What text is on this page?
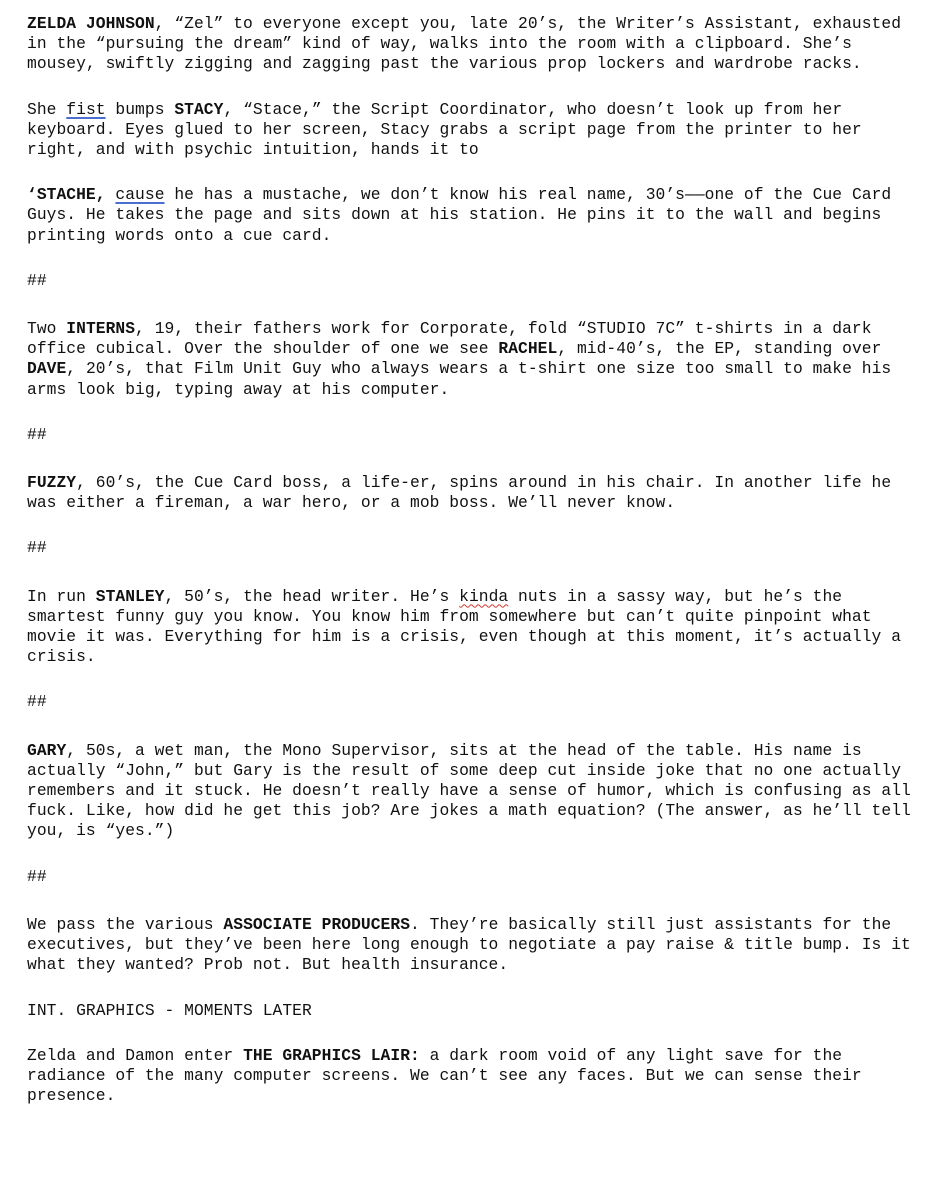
ZELDA JOHNSON, “Zel” to everyone except you, late 20’s, the Writer’s Assistant, exhausted in the “pursuing the dream” kind of way, walks into the room with a clipboard. She’s mousey, swiftly zigging and zagging past the various prop lockers and wardrobe racks.

She fist bumps STACY, “Stace,” the Script Coordinator, who doesn’t look up from her keyboard. Eyes glued to her screen, Stacy grabs a script page from the printer to her right, and with psychic intuition, hands it to

‘STACHE, cause he has a mustache, we don’t know his real name, 30’s——one of the Cue Card Guys. He takes the page and sits down at his station. He pins it to the wall and begins printing words onto a cue card.

##

Two INTERNS, 19, their fathers work for Corporate, fold “STUDIO 7C” t-shirts in a dark office cubical. Over the shoulder of one we see RACHEL, mid-40’s, the EP, standing over DAVE, 20’s, that Film Unit Guy who always wears a t-shirt one size too small to make his arms look big, typing away at his computer.

##

FUZZY, 60’s, the Cue Card boss, a life-er, spins around in his chair. In another life he was either a fireman, a war hero, or a mob boss. We’ll never know.

##

In run STANLEY, 50’s, the head writer. He’s kinda nuts in a sassy way, but he’s the smartest funny guy you know. You know him from somewhere but can’t quite pinpoint what movie it was. Everything for him is a crisis, even though at this moment, it’s actually a crisis.

##

GARY, 50s, a wet man, the Mono Supervisor, sits at the head of the table. His name is actually “John,” but Gary is the result of some deep cut inside joke that no one actually remembers and it stuck. He doesn’t really have a sense of humor, which is confusing as all fuck. Like, how did he get this job? Are jokes a math equation? (The answer, as he’ll tell you, is “yes.”)

##

We pass the various ASSOCIATE PRODUCERS. They’re basically still just assistants for the executives, but they’ve been here long enough to negotiate a pay raise & title bump. Is it what they wanted? Prob not. But health insurance.

INT. GRAPHICS - MOMENTS LATER

Zelda and Damon enter THE GRAPHICS LAIR: a dark room void of any light save for the radiance of the many computer screens. We can’t see any faces. But we can sense their presence.
